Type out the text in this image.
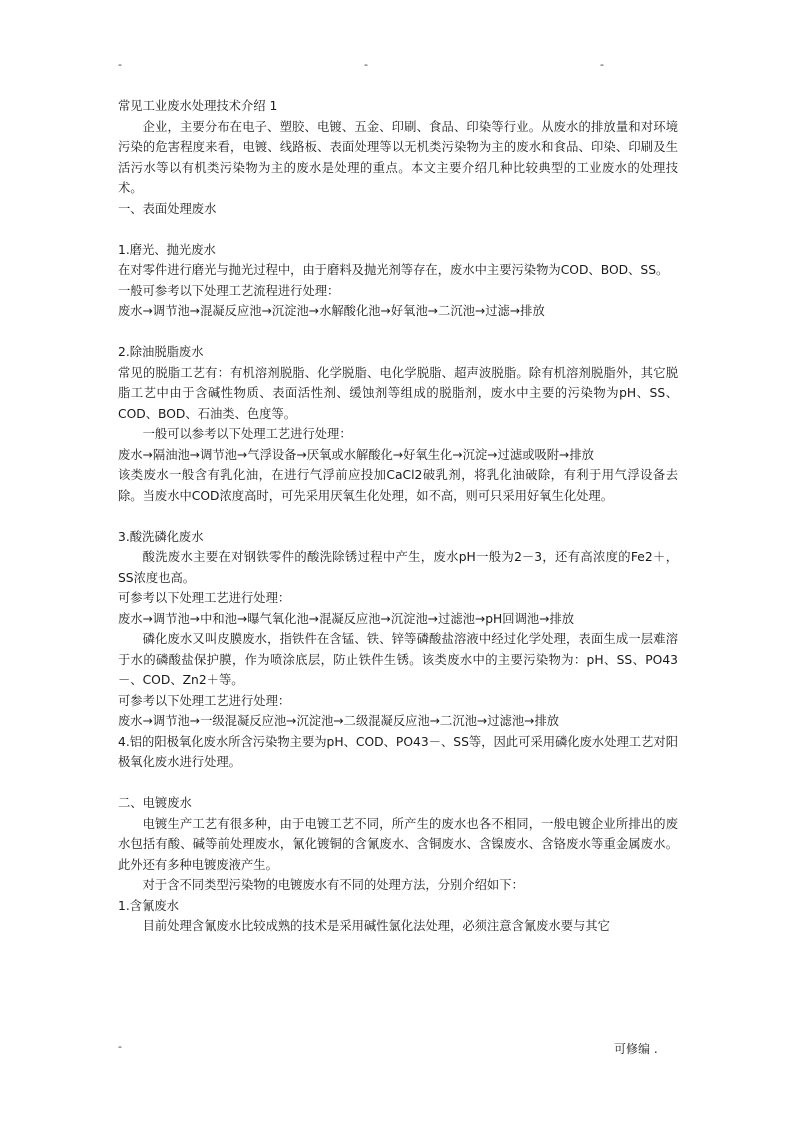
-	-	-

常见工业废水处理技术介绍 1

企业，主要分布在电子、塑胶、电镀、五金、印刷、食品、印染等行业。从废水的排放量和对环境污染的危害程度来看，电镀、线路板、表面处理等以无机类污染物为主的废水和食品、印染、印刷及生活污水等以有机类污染物为主的废水是处理的重点。本文主要介绍几种比较典型的工业废水的处理技术。

一、表面处理废水

1.磨光、抛光废水

在对零件进行磨光与抛光过程中，由于磨料及抛光剂等存在，废水中主要污染物为COD、BOD、SS。

一般可参考以下处理工艺流程进行处理：

废水→调节池→混凝反应池→沉淀池→水解酸化池→好氧池→二沉池→过滤→排放

2.除油脱脂废水

常见的脱脂工艺有：有机溶剂脱脂、化学脱脂、电化学脱脂、超声波脱脂。除有机溶剂脱脂外，其它脱脂工艺中由于含碱性物质、表面活性剂、缓蚀剂等组成的脱脂剂，废水中主要的污染物为pH、SS、COD、BOD、石油类、色度等。

一般可以参考以下处理工艺进行处理：

废水→隔油池→调节池→气浮设备→厌氧或水解酸化→好氧生化→沉淀→过滤或吸附→排放

该类废水一般含有乳化油，在进行气浮前应投加CaCl2破乳剂，将乳化油破除，有利于用气浮设备去除。当废水中COD浓度高时，可先采用厌氧生化处理，如不高，则可只采用好氧生化处理。

3.酸洗磷化废水

酸洗废水主要在对钢铁零件的酸洗除锈过程中产生，废水pH一般为2－3，还有高浓度的Fe2＋，SS浓度也高。

可参考以下处理工艺进行处理：

废水→调节池→中和池→曝气氧化池→混凝反应池→沉淀池→过滤池→pH回调池→排放

磷化废水又叫皮膜废水，指铁件在含锰、铁、锌等磷酸盐溶液中经过化学处理，表面生成一层难溶于水的磷酸盐保护膜，作为喷涂底层，防止铁件生锈。该类废水中的主要污染物为：pH、SS、PO43－、COD、Zn2＋等。

可参考以下处理工艺进行处理：

废水→调节池→一级混凝反应池→沉淀池→二级混凝反应池→二沉池→过滤池→排放

4.铝的阳极氧化废水所含污染物主要为pH、COD、PO43－、SS等，因此可采用磷化废水处理工艺对阳极氧化废水进行处理。

二、电镀废水

电镀生产工艺有很多种，由于电镀工艺不同，所产生的废水也各不相同，一般电镀企业所排出的废水包括有酸、碱等前处理废水，氰化镀铜的含氰废水、含铜废水、含镍废水、含铬废水等重金属废水。此外还有多种电镀废液产生。

对于含不同类型污染物的电镀废水有不同的处理方法，分别介绍如下：

1.含氰废水

目前处理含氰废水比较成熟的技术是采用碱性氯化法处理，必须注意含氰废水要与其它

-	可修编 .
